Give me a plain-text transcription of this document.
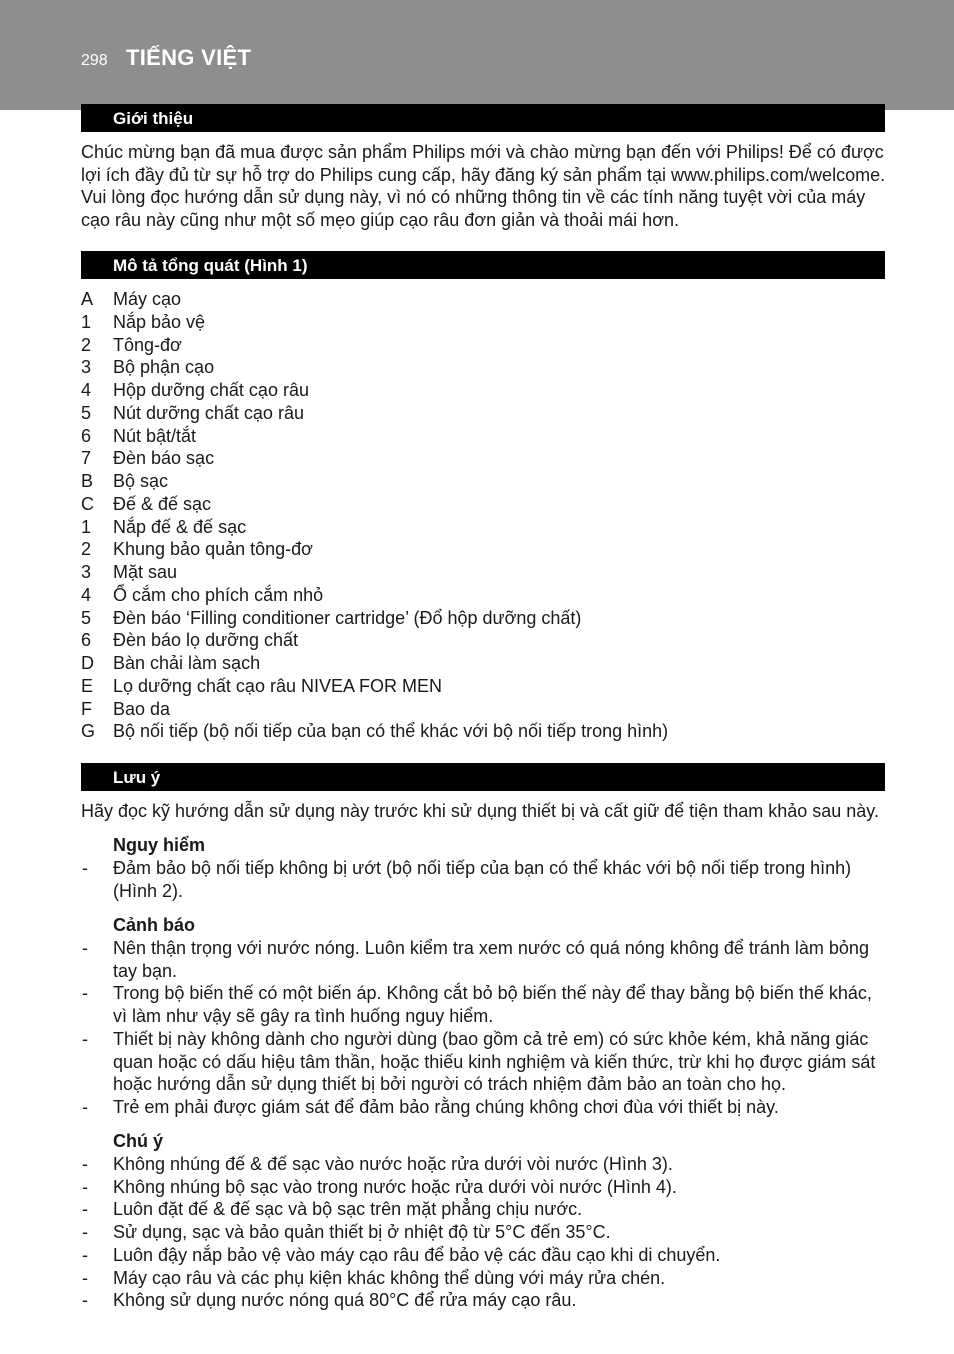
298 TIẾNG VIỆT
Giới thiệu

Chúc mừng bạn đã mua được sản phẩm Philips mới và chào mừng bạn đến với Philips! Để có được lợi ích đầy đủ từ sự hỗ trợ do Philips cung cấp, hãy đăng ký sản phẩm tại www.philips.com/welcome. Vui lòng đọc hướng dẫn sử dụng này, vì nó có những thông tin về các tính năng tuyệt vời của máy cạo râu này cũng như một số mẹo giúp cạo râu đơn giản và thoải mái hơn.

Mô tả tổng quát (Hình 1)
A	Máy cạo
1	Nắp bảo vệ
2	Tông-đơ
3	Bộ phận cạo
4	Hộp dưỡng chất cạo râu
5	Nút dưỡng chất cạo râu
6	Nút bật/tắt
7	Đèn báo sạc
B	Bộ sạc
C	Đế & đế sạc
1	Nắp đế & đế sạc
2	Khung bảo quản tông-đơ
3	Mặt sau
4	Ổ cắm cho phích cắm nhỏ
5	Đèn báo ‘Filling conditioner cartridge’ (Đổ hộp dưỡng chất)
6	Đèn báo lọ dưỡng chất
D	Bàn chải làm sạch
E	Lọ dưỡng chất cạo râu NIVEA FOR MEN
F	Bao da
G Bộ nối tiếp (bộ nối tiếp của bạn có thể khác với bộ nối tiếp trong hình)
Lưu ý

Hãy đọc kỹ hướng dẫn sử dụng này trước khi sử dụng thiết bị và cất giữ để tiện tham khảo sau này.

Nguy hiểm
-	Đảm bảo bộ nối tiếp không bị ướt (bộ nối tiếp của bạn có thể khác với bộ nối tiếp trong hình) (Hình 2).
Cảnh báo
-	Nên thận trọng với nước nóng. Luôn kiểm tra xem nước có quá nóng không để tránh làm bỏng tay bạn.
-	Trong bộ biến thế có một biến áp. Không cắt bỏ bộ biến thế này để thay bằng bộ biến thế khác, vì làm như vậy sẽ gây ra tình huống nguy hiểm.
-	Thiết bị này không dành cho người dùng (bao gồm cả trẻ em) có sức khỏe kém, khả năng giác quan hoặc có dấu hiệu tâm thần, hoặc thiếu kinh nghiệm và kiến thức, trừ khi họ được giám sát hoặc hướng dẫn sử dụng thiết bị bởi người có trách nhiệm đảm bảo an toàn cho họ.
-	Trẻ em phải được giám sát để đảm bảo rằng chúng không chơi đùa với thiết bị này.
Chú ý
-	Không nhúng đế & đế sạc vào nước hoặc rửa dưới vòi nước (Hình 3).
-	Không nhúng bộ sạc vào trong nước hoặc rửa dưới vòi nước (Hình 4).
-	Luôn đặt đế & đế sạc và bộ sạc trên mặt phẳng chịu nước.
-	Sử dụng, sạc và bảo quản thiết bị ở nhiệt độ từ 5°C đến 35°C.
-	Luôn đậy nắp bảo vệ vào máy cạo râu để bảo vệ các đầu cạo khi di chuyển.
-	Máy cạo râu và các phụ kiện khác không thể dùng với máy rửa chén.
-	Không sử dụng nước nóng quá 80°C để rửa máy cạo râu.
